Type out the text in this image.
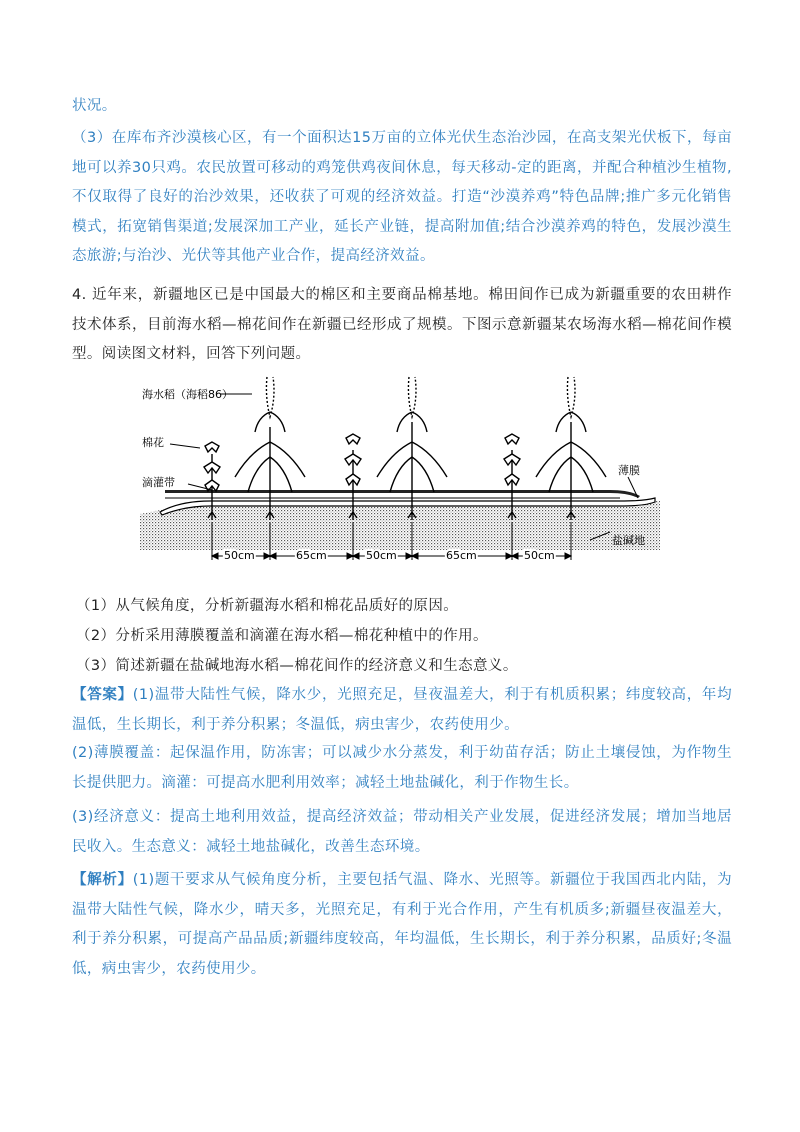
状况。

（3）在库布齐沙漠核心区，有一个面积达15万亩的立体光伏生态治沙园，在高支架光伏板下，每亩地可以养30只鸡。农民放置可移动的鸡笼供鸡夜间休息，每天移动-定的距离，并配合种植沙生植物,不仅取得了良好的治沙效果，还收获了可观的经济效益。打造“沙漠养鸡”特色品牌;推广多元化销售模式，拓宽销售渠道;发展深加工产业，延长产业链，提高附加值;结合沙漠养鸡的特色，发展沙漠生态旅游;与治沙、光伏等其他产业合作，提高经济效益。

4. 近年来，新疆地区已是中国最大的棉区和主要商品棉基地。棉田间作已成为新疆重要的农田耕作技术体系，目前海水稻—棉花间作在新疆已经形成了规模。下图示意新疆某农场海水稻—棉花间作模型。阅读图文材料，回答下列问题。

50cm	65cm	50cm	65cm	50cm
海水稻（海稻86）
棉花
滴灌带
薄膜
盐碱地
（1）从气候角度，分析新疆海水稻和棉花品质好的原因。
（2）分析采用薄膜覆盖和滴灌在海水稻—棉花种植中的作用。
（3）简述新疆在盐碱地海水稻—棉花间作的经济意义和生态意义。

【答案】(1)温带大陆性气候，降水少，光照充足，昼夜温差大，利于有机质积累；纬度较高，年均温低，生长期长，利于养分积累；冬温低，病虫害少，农药使用少。

(2)薄膜覆盖：起保温作用，防冻害；可以减少水分蒸发，利于幼苗存活；防止土壤侵蚀，为作物生长提供肥力。滴灌：可提高水肥利用效率；减轻土地盐碱化，利于作物生长。

(3)经济意义：提高土地利用效益，提高经济效益；带动相关产业发展，促进经济发展；增加当地居民收入。生态意义：减轻土地盐碱化，改善生态环境。

【解析】(1)题干要求从气候角度分析，主要包括气温、降水、光照等。新疆位于我国西北内陆，为温带大陆性气候，降水少，晴天多，光照充足，有利于光合作用，产生有机质多;新疆昼夜温差大，利于养分积累，可提高产品品质;新疆纬度较高，年均温低，生长期长，利于养分积累，品质好;冬温低，病虫害少，农药使用少。
